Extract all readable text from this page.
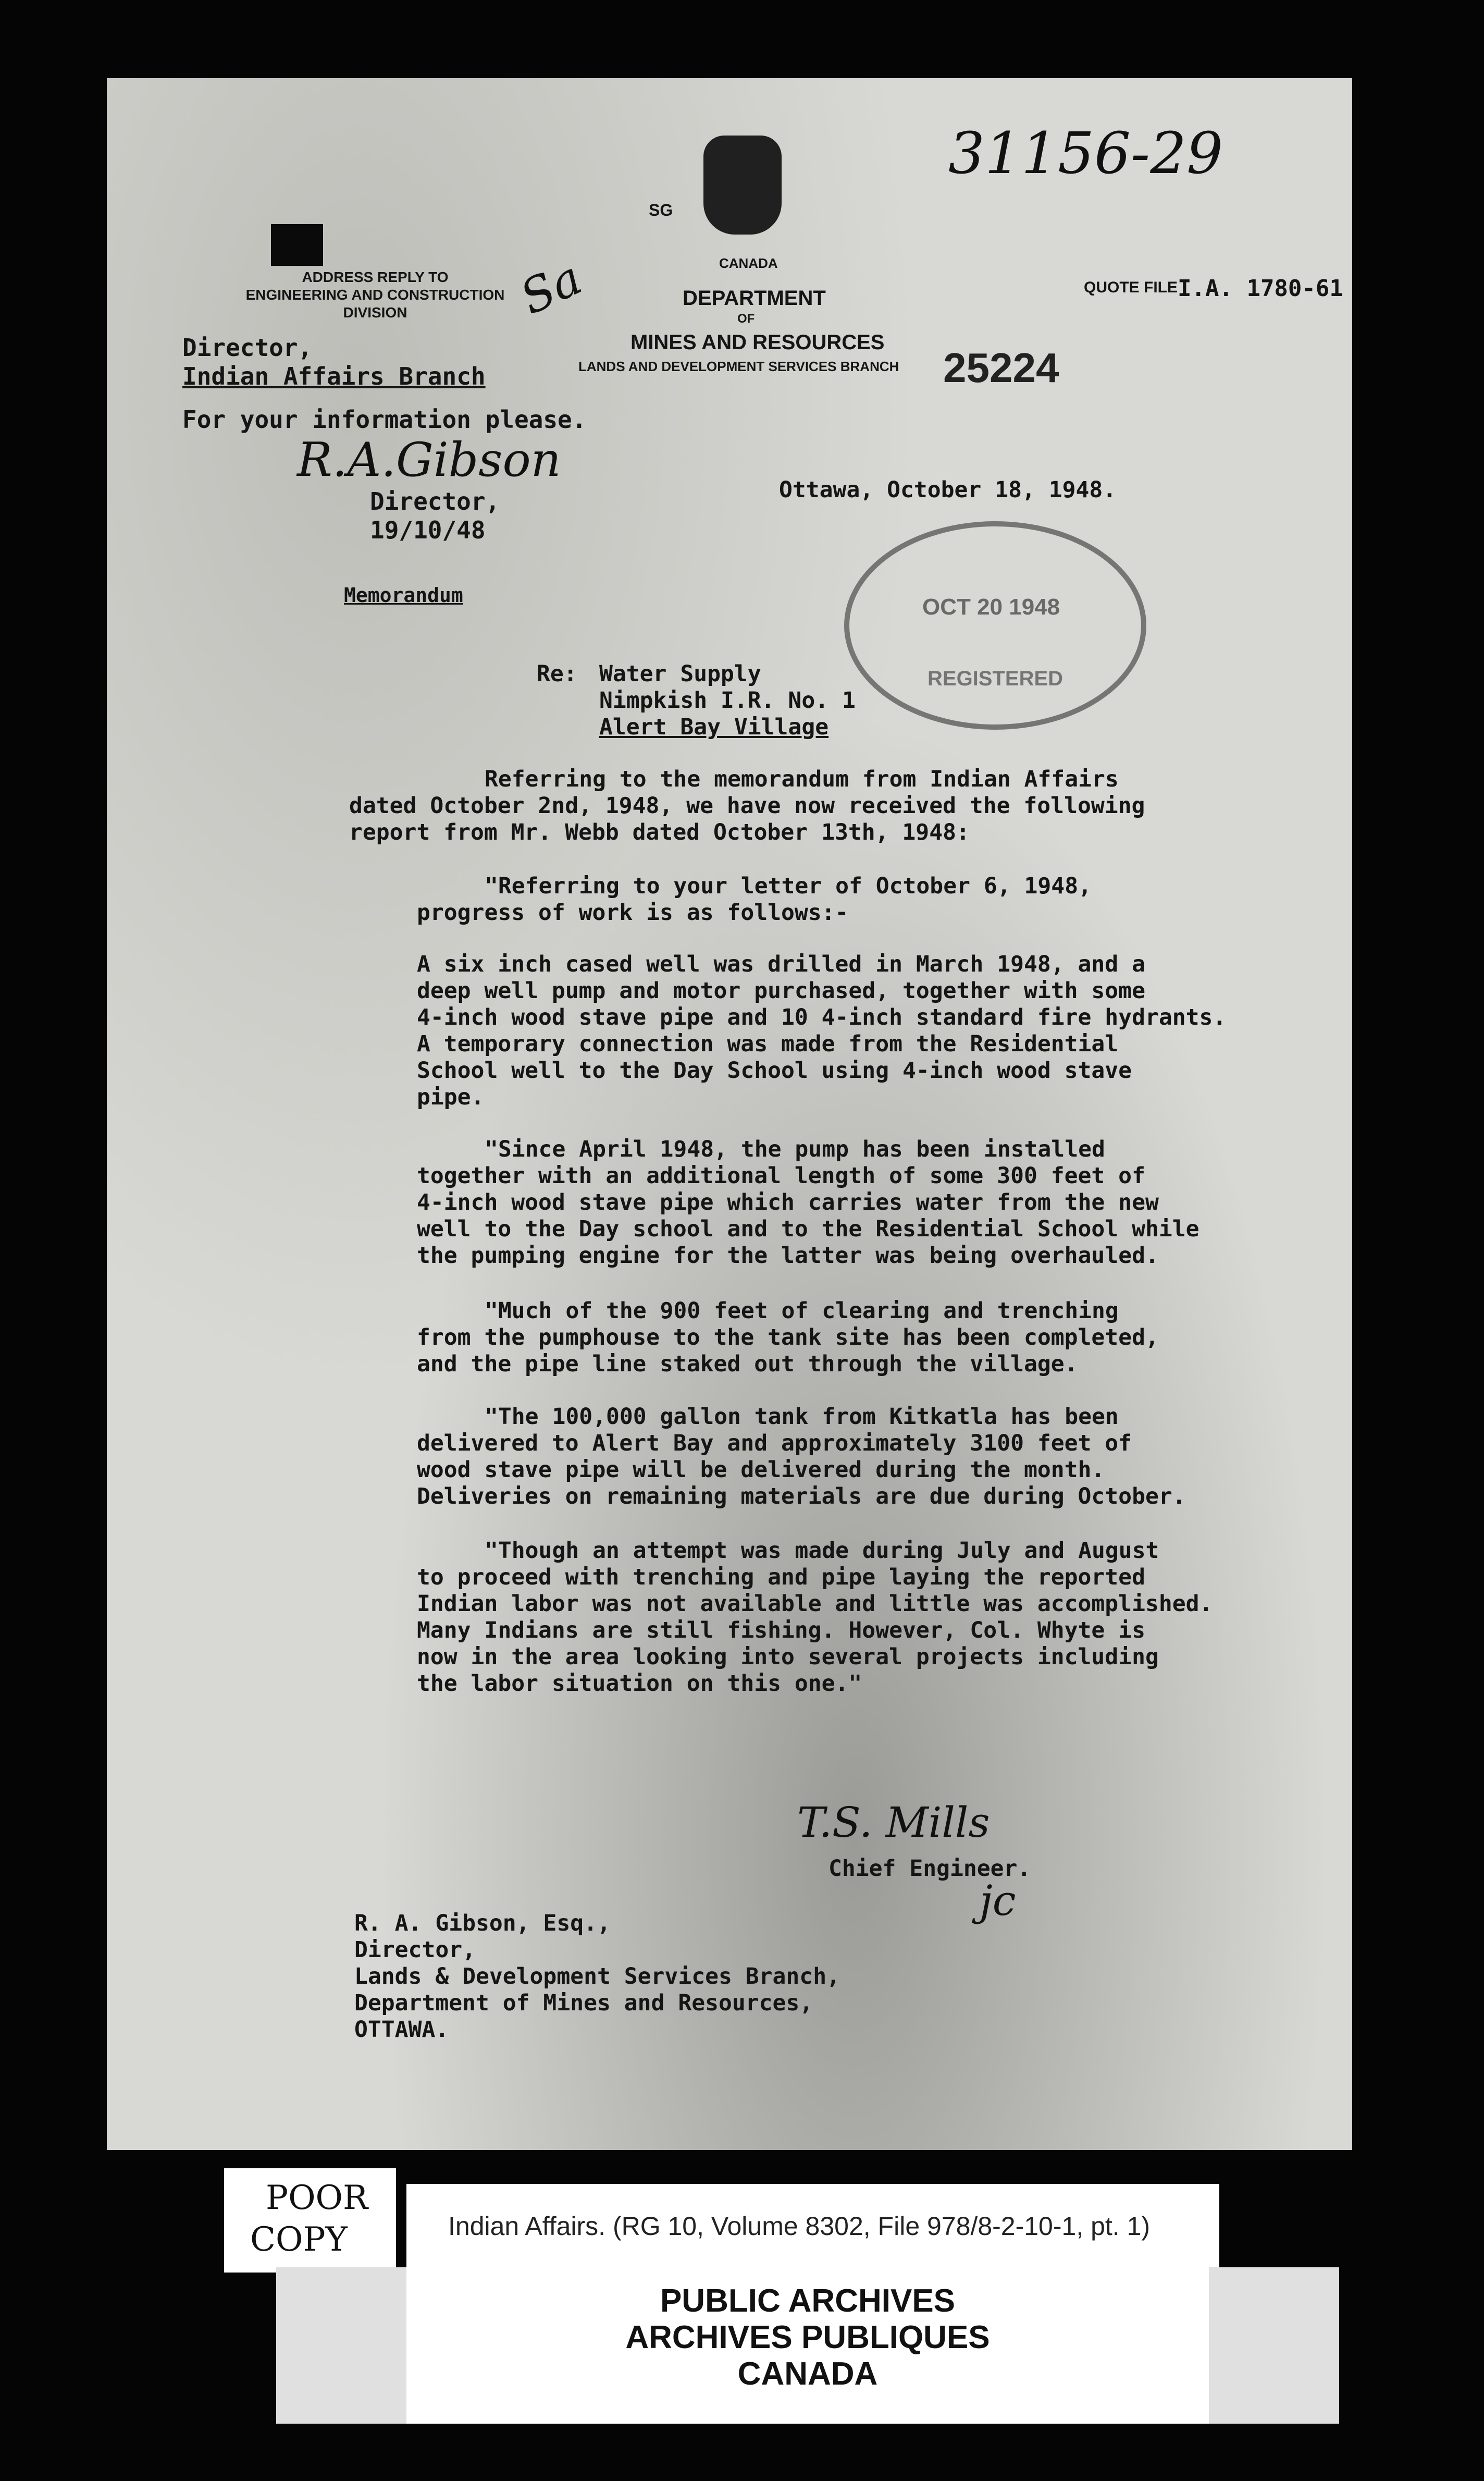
31156-29
SG
CANADA
DEPARTMENT
OF
MINES AND RESOURCES
LANDS AND DEVELOPMENT SERVICES BRANCH
ADDRESS REPLY TO
ENGINEERING AND CONSTRUCTION
DIVISION	Sa	QUOTE FILE I.A. 1780-61
25224
Director,
Indian Affairs Branch
For your information please.
R.A.Gibson
Director,
19/10/48
Ottawa, October 18, 1948.
OCT 20 1948
REGISTERED
Memorandum
Re: Water Supply
Nimpkish I.R. No. 1
Alert Bay Village
Referring to the memorandum from Indian Affairs
dated October 2nd, 1948, we have now received the following
report from Mr. Webb dated October 13th, 1948:
"Referring to your letter of October 6, 1948,
progress of work is as follows:-
A six inch cased well was drilled in March 1948, and a
deep well pump and motor purchased, together with some
4-inch wood stave pipe and 10 4-inch standard fire hydrants.
A temporary connection was made from the Residential
School well to the Day School using 4-inch wood stave
pipe.
"Since April 1948, the pump has been installed
together with an additional length of some 300 feet of
4-inch wood stave pipe which carries water from the new
well to the Day school and to the Residential School while
the pumping engine for the latter was being overhauled.
"Much of the 900 feet of clearing and trenching
from the pumphouse to the tank site has been completed,
and the pipe line staked out through the village.
"The 100,000 gallon tank from Kitkatla has been
delivered to Alert Bay and approximately 3100 feet of
wood stave pipe will be delivered during the month.
Deliveries on remaining materials are due during October.
"Though an attempt was made during July and August
to proceed with trenching and pipe laying the reported
Indian labor was not available and little was accomplished.
Many Indians are still fishing. However, Col. Whyte is
now in the area looking into several projects including
the labor situation on this one."
T.S. Mills
Chief Engineer.
jc
R. A. Gibson, Esq.,
Director,
Lands & Development Services Branch,
Department of Mines and Resources,
OTTAWA.
POOR
COPY	Indian Affairs. (RG 10, Volume 8302, File 978/8-2-10-1, pt. 1)
PUBLIC ARCHIVES
ARCHIVES PUBLIQUES
CANADA
